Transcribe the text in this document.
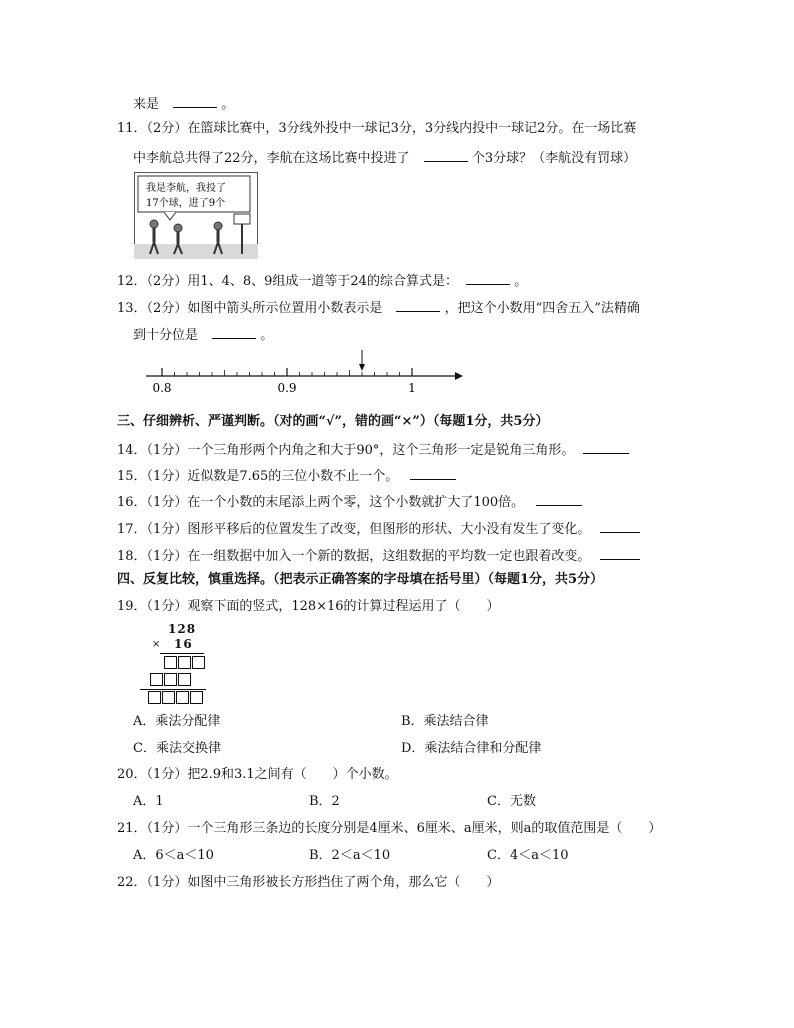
来是	。
11．（2分）在篮球比赛中，3分线外投中一球记3分，3分线内投中一球记2分。在一场比赛
中李航总共得了22分，李航在这场比赛中投进了	个3分球？（李航没有罚球）
我是李航，我投了
17个球，进了9个
12．（2分）用1、4、8、9组成一道等于24的综合算式是：	。
13．（2分）如图中箭头所示位置用小数表示是	，把这个小数用“四舍五入”法精确
到十分位是	。
0.8	0.9	1
三、仔细辨析、严谨判断。（对的画“√”，错的画“×”）（每题1分，共5分）
14．（1分）一个三角形两个内角之和大于90°，这个三角形一定是锐角三角形。
15．（1分）近似数是7.65的三位小数不止一个。
16．（1分）在一个小数的末尾添上两个零，这个小数就扩大了100倍。
17．（1分）图形平移后的位置发生了改变，但图形的形状、大小没有发生了变化。
18．（1分）在一组数据中加入一个新的数据，这组数据的平均数一定也跟着改变。
四、反复比较，慎重选择。（把表示正确答案的字母填在括号里）（每题1分，共5分）
19．（1分）观察下面的竖式，128×16的计算过程运用了（　　）
128
× 16
A．乘法分配律	B．乘法结合律
C．乘法交换律	D．乘法结合律和分配律
20．（1分）把2.9和3.1之间有（　　）个小数。
A．1	B．2	C．无数
21．（1分）一个三角形三条边的长度分别是4厘米、6厘米、a厘米，则a的取值范围是（　　）
A．6＜a＜10	B．2＜a＜10	C．4＜a＜10
22．（1分）如图中三角形被长方形挡住了两个角，那么它（　　）
